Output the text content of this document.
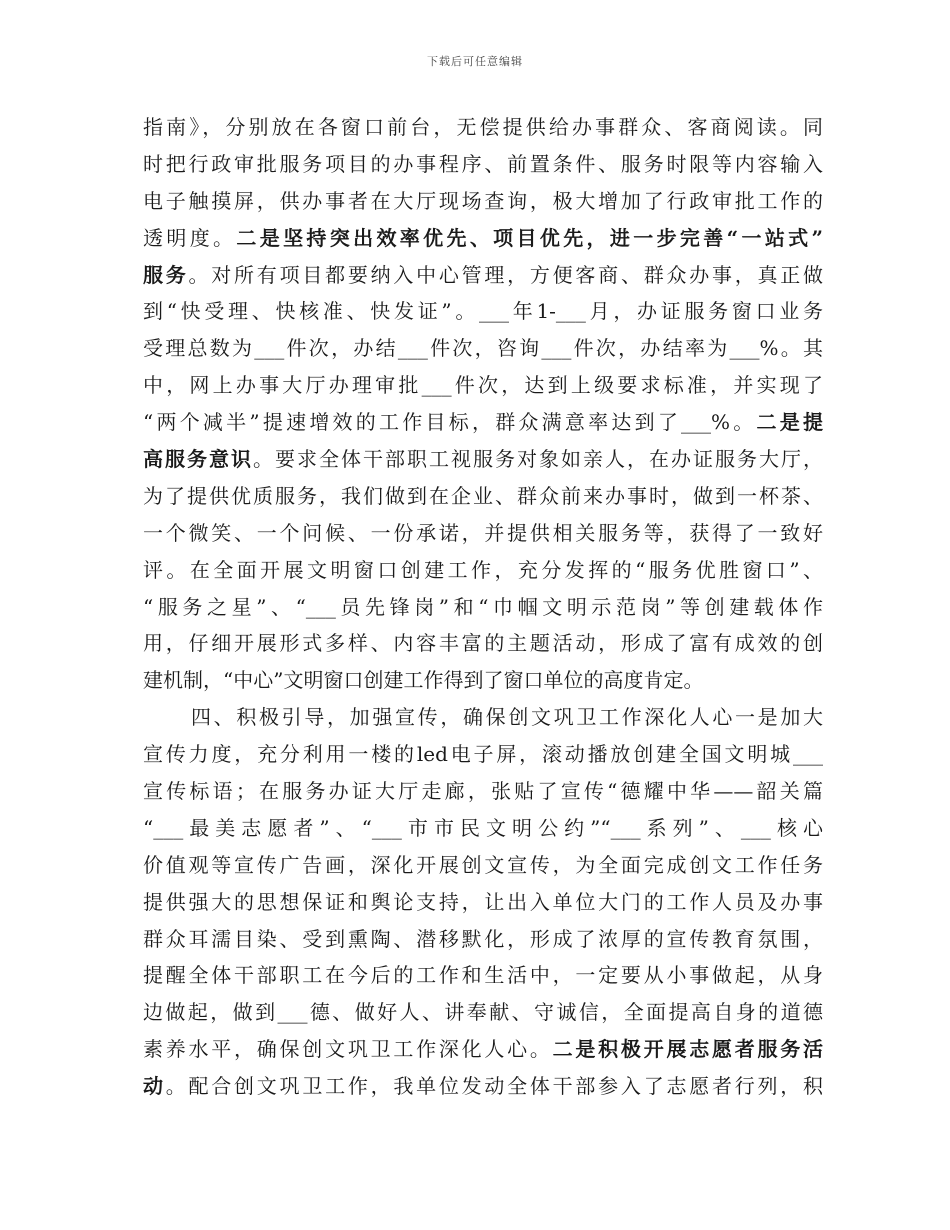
下载后可任意编辑
指南》，分别放在各窗口前台，无偿提供给办事群众、客商阅读。同
时把行政审批服务项目的办事程序、前置条件、服务时限等内容输入
电子触摸屏，供办事者在大厅现场查询，极大增加了行政审批工作的
透明度。二是坚持突出效率优先、项目优先，进一步完善“一站式”
服务。对所有项目都要纳入中心管理，方便客商、群众办事，真正做
到“快受理、快核准、快发证”。___年1-___月，办证服务窗口业务
受理总数为___件次，办结___件次，咨询___件次，办结率为___%。其
中，网上办事大厅办理审批___件次，达到上级要求标准，并实现了
“两个减半”提速增效的工作目标，群众满意率达到了___%。二是提
高服务意识。要求全体干部职工视服务对象如亲人，在办证服务大厅，
为了提供优质服务，我们做到在企业、群众前来办事时，做到一杯茶、
一个微笑、一个问候、一份承诺，并提供相关服务等，获得了一致好
评。在全面开展文明窗口创建工作，充分发挥的“服务优胜窗口”、
“服务之星”、“___员先锋岗”和“巾帼文明示范岗”等创建载体作
用，仔细开展形式多样、内容丰富的主题活动，形成了富有成效的创
建机制，“中心”文明窗口创建工作得到了窗口单位的高度肯定。
四、积极引导，加强宣传，确保创文巩卫工作深化人心一是加大
宣传力度，充分利用一楼的led电子屏，滚动播放创建全国文明城___
宣传标语；在服务办证大厅走廊，张贴了宣传“德耀中华——韶关篇
“___最美志愿者”、“___市市民文明公约”“___系列”、___核心
价值观等宣传广告画，深化开展创文宣传，为全面完成创文工作任务
提供强大的思想保证和舆论支持，让出入单位大门的工作人员及办事
群众耳濡目染、受到熏陶、潜移默化，形成了浓厚的宣传教育氛围，
提醒全体干部职工在今后的工作和生活中，一定要从小事做起，从身
边做起，做到___德、做好人、讲奉献、守诚信，全面提高自身的道德
素养水平，确保创文巩卫工作深化人心。二是积极开展志愿者服务活
动。配合创文巩卫工作，我单位发动全体干部参入了志愿者行列，积
